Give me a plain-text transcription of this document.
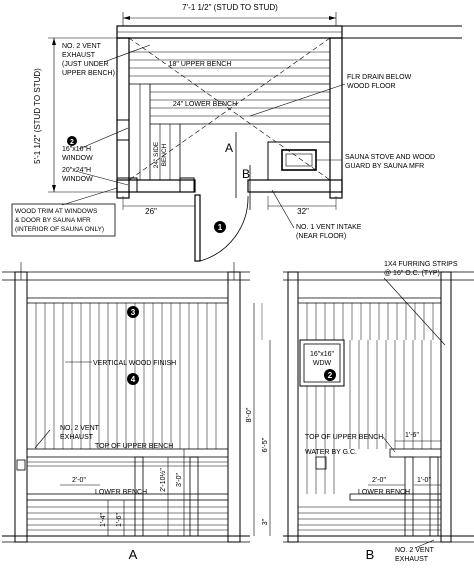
7'-1 1/2" (STUD TO STUD)
5'-1 1/2" (STUD TO STUD)
NO. 2 VENT
EXHAUST
(JUST UNDER
UPPER BENCH)
2
16"x16"H
WINDOW
20"x24"H
WINDOW
18" UPPER BENCH
24" LOWER BENCH
24" SIDE BENCH
FLR DRAIN BELOW
WOOD FLOOR
SAUNA STOVE AND WOOD
GUARD BY SAUNA MFR
A
B
26"	32"
WOOD TRIM AT WINDOWS
& DOOR BY SAUNA MFR
(INTERIOR OF SAUNA ONLY)	1	NO. 1 VENT INTAKE
(NEAR FLOOR)
3
4
VERTICAL WOOD FINISH
NO. 2 VENT
EXHAUST
TOP OF UPPER BENCH
LOWER BENCH
2'-0"	2'-10½" 3'-0"
1'-4" 1'-6"
8'-0"
6'-5"
3"
A
1X4 FURRING STRIPS
@ 16" O.C. (TYP)
16"x16"
WDW
2
TOP OF UPPER BENCH
WATER BY G.C.
LOWER BENCH
1'-6"
2'-0"	1'-0"
B	NO. 2 VENT
EXHAUST
